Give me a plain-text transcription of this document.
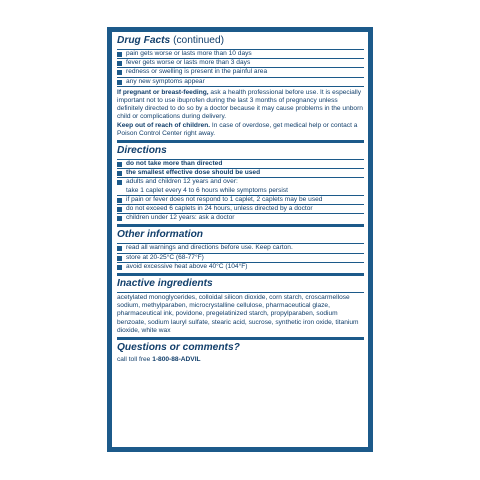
Drug Facts (continued)
pain gets worse or lasts more than 10 days
fever gets worse or lasts more than 3 days
redness or swelling is present in the painful area
any new symptoms appear

If pregnant or breast-feeding, ask a health professional before use. It is especially important not to use ibuprofen during the last 3 months of pregnancy unless definitely directed to do so by a doctor because it may cause problems in the unborn child or complications during delivery.

Keep out of reach of children. In case of overdose, get medical help or contact a Poison Control Center right away.

Directions
do not take more than directed
the smallest effective dose should be used
adults and children 12 years and over:
take 1 caplet every 4 to 6 hours while symptoms persist
if pain or fever does not respond to 1 caplet, 2 caplets may be used
do not exceed 6 caplets in 24 hours, unless directed by a doctor
children under 12 years: ask a doctor
Other information
read all warnings and directions before use. Keep carton.
store at 20-25°C (68-77°F)
avoid excessive heat above 40°C (104°F)
Inactive ingredients

acetylated monoglycerides, colloidal silicon dioxide, corn starch, croscarmellose sodium, methylparaben, microcrystalline cellulose, pharmaceutical glaze, pharmaceutical ink, povidone, pregelatinized starch, propylparaben, sodium benzoate, sodium lauryl sulfate, stearic acid, sucrose, synthetic iron oxide, titanium dioxide, white wax

Questions or comments?

call toll free 1-800-88-ADVIL
